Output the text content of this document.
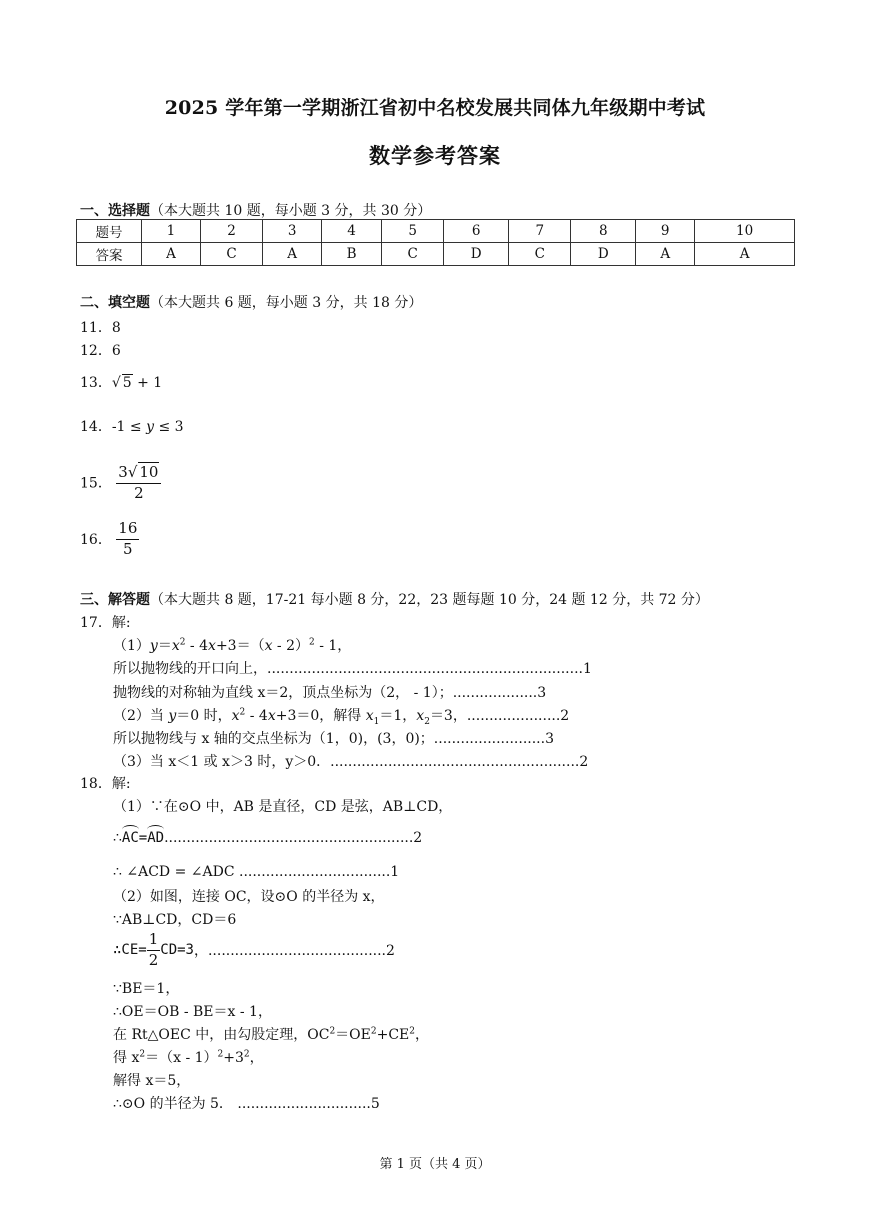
2025 学年第一学期浙江省初中名校发展共同体九年级期中考试
数学参考答案
一、选择题（本大题共 10 题，每小题 3 分，共 30 分）
题号	1	2	3	4	5	6	7	8	9	10
答案	A	C	A	B	C	D	C	D	A	A
二、填空题（本大题共 6 题，每小题 3 分，共 18 分）
11．8
12．6
13．√ 5 + 1
14．-1 ≤ y ≤ 3
15． $\frac{3√ 10}{2}$
16． $\frac{16}{5}$
三、解答题（本大题共 8 题，17-21 每小题 8 分，22，23 题每题 10 分，24 题 12 分，共 72 分）
17．解:
$(1)y=x^2 - 4x+3=(x - 2)^2 - 1$，
所以抛物线的开口向上，.......................................................................1
抛物线的对称轴为直线 x＝2，顶点坐标为（2， - 1）；...................3
（2）当 y＝0 时，$x^2 - 4x+3=0$，解得 $x_1=1$，$x_2=3$，.....................2
所以抛物线与 x 轴的交点坐标为（1，0)，(3，0)；.........................3
（3）当 x＜1 或 x＞3 时，y＞0．........................................................2
18．解:
（1）∵在⊙O 中，AB 是直径，CD 是弦，AB⊥CD，
∴AC=AD........................................................2
∴ ∠ACD = ∠ADC ..................................1
（2）如图，连接 OC，设⊙O 的半径为 x，
∵AB⊥CD，CD＝6
∴CE= $\frac{1}{2} CD=3$，........................................2
∵BE＝1，
∴OE＝OB - BE＝x - 1，
在 Rt△OEC 中，由勾股定理，$OC^2=OE^2+CE^2$，
得 $x^2=(x - 1)^2+3^2$，
解得 x＝5，
∴⊙O 的半径为 5． ..............................5
第 1 页（共 4 页）
